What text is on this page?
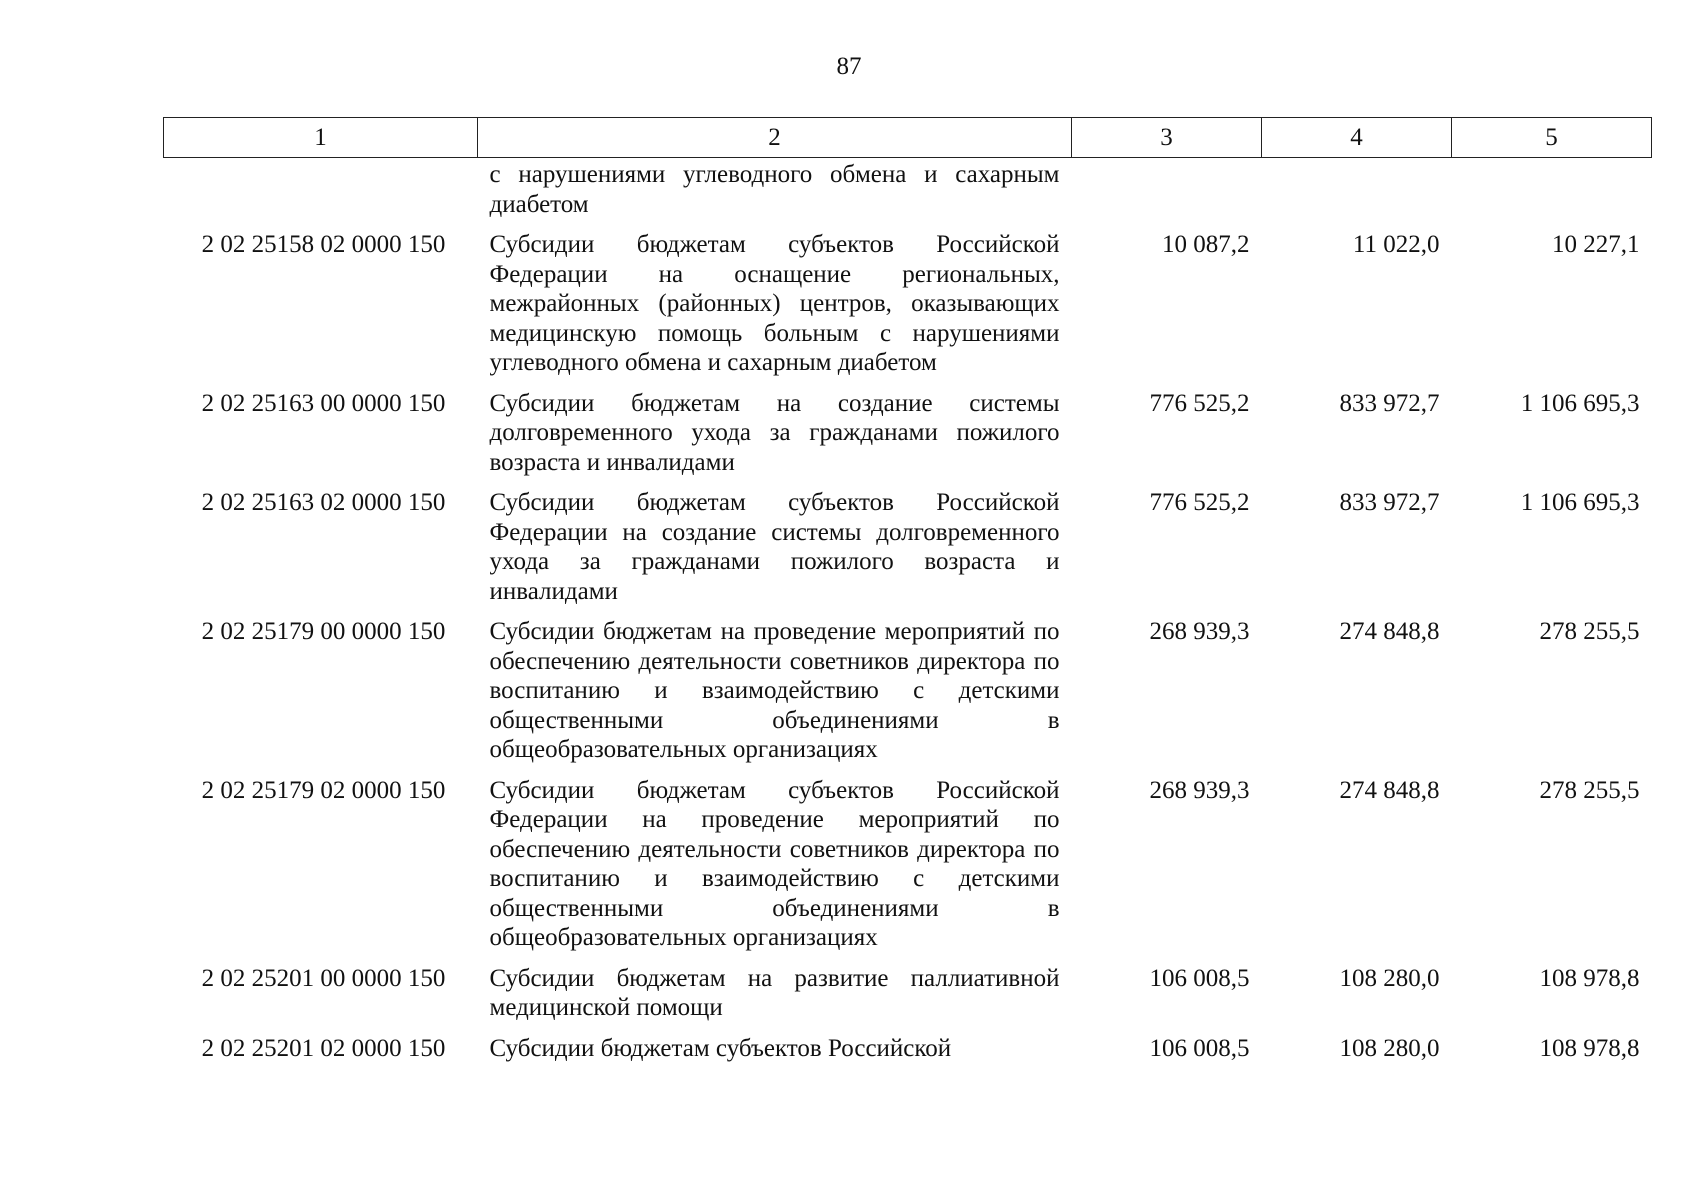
87
1	2	3	4	5
	с нарушениями углеводного обмена и сахарным диабетом			
2 02 25158 02 0000 150	Субсидии бюджетам субъектов Российской Федерации на оснащение региональных, межрайонных (районных) центров, оказывающих медицинскую помощь больным с нарушениями углеводного обмена и сахарным диабетом	10 087,2	11 022,0	10 227,1
2 02 25163 00 0000 150	Субсидии бюджетам на создание системы долговременного ухода за гражданами пожилого возраста и инвалидами	776 525,2	833 972,7	1 106 695,3
2 02 25163 02 0000 150	Субсидии бюджетам субъектов Российской Федерации на создание системы долговременного ухода за гражданами пожилого возраста и инвалидами	776 525,2	833 972,7	1 106 695,3
2 02 25179 00 0000 150	Субсидии бюджетам на проведение мероприятий по обеспечению деятельности советников директора по воспитанию и взаимодействию с детскими общественными объединениями в общеобразовательных организациях	268 939,3	274 848,8	278 255,5
2 02 25179 02 0000 150	Субсидии бюджетам субъектов Российской Федерации на проведение мероприятий по обеспечению деятельности советников директора по воспитанию и взаимодействию с детскими общественными объединениями в общеобразовательных организациях	268 939,3	274 848,8	278 255,5
2 02 25201 00 0000 150	Субсидии бюджетам на развитие паллиативной медицинской помощи	106 008,5	108 280,0	108 978,8
2 02 25201 02 0000 150	Субсидии бюджетам субъектов Российской	106 008,5	108 280,0	108 978,8
